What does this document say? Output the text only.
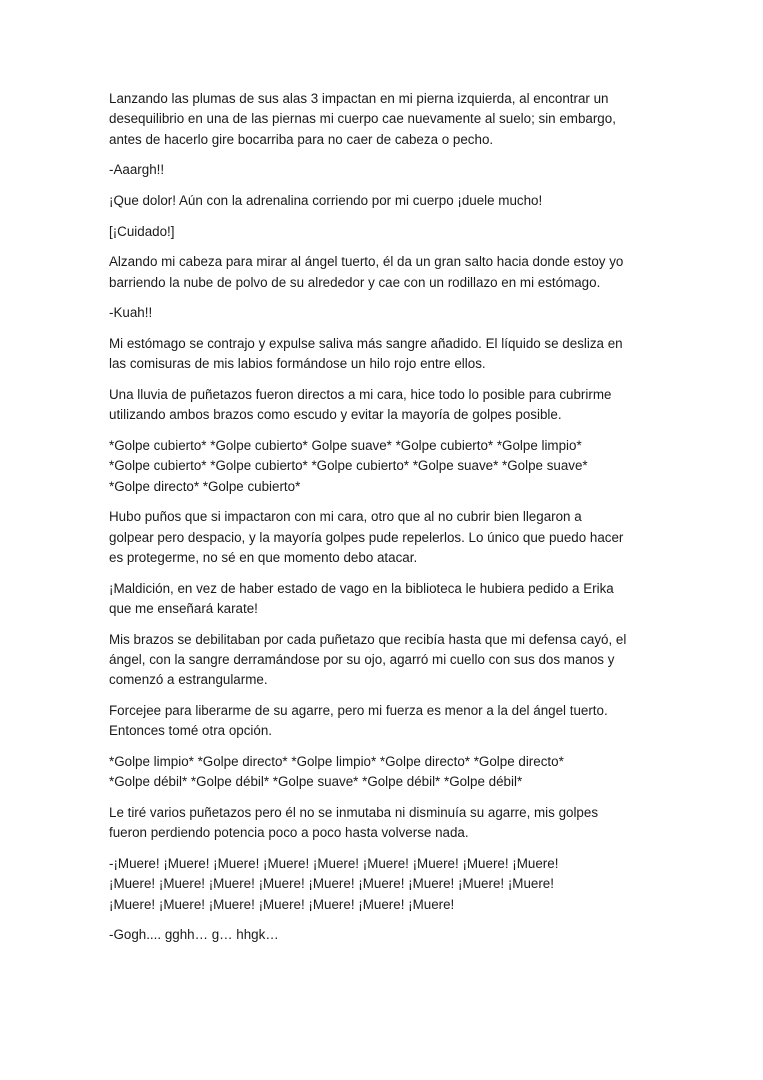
Lanzando las plumas de sus alas 3 impactan en mi pierna izquierda, al encontrar un
desequilibrio en una de las piernas mi cuerpo cae nuevamente al suelo; sin embargo,
antes de hacerlo gire bocarriba para no caer de cabeza o pecho.

-Aaargh!!

¡Que dolor! Aún con la adrenalina corriendo por mi cuerpo ¡duele mucho!

[¡Cuidado!]

Alzando mi cabeza para mirar al ángel tuerto, él da un gran salto hacia donde estoy yo
barriendo la nube de polvo de su alrededor y cae con un rodillazo en mi estómago.

-Kuah!!

Mi estómago se contrajo y expulse saliva más sangre añadido. El líquido se desliza en
las comisuras de mis labios formándose un hilo rojo entre ellos.

Una lluvia de puñetazos fueron directos a mi cara, hice todo lo posible para cubrirme
utilizando ambos brazos como escudo y evitar la mayoría de golpes posible.

*Golpe cubierto* *Golpe cubierto* Golpe suave* *Golpe cubierto* *Golpe limpio*
*Golpe cubierto* *Golpe cubierto* *Golpe cubierto* *Golpe suave* *Golpe suave*
*Golpe directo* *Golpe cubierto*

Hubo puños que si impactaron con mi cara, otro que al no cubrir bien llegaron a
golpear pero despacio, y la mayoría golpes pude repelerlos. Lo único que puedo hacer
es protegerme, no sé en que momento debo atacar.

¡Maldición, en vez de haber estado de vago en la biblioteca le hubiera pedido a Erika
que me enseñará karate!

Mis brazos se debilitaban por cada puñetazo que recibía hasta que mi defensa cayó, el
ángel, con la sangre derramándose por su ojo, agarró mi cuello con sus dos manos y
comenzó a estrangularme.

Forcejee para liberarme de su agarre, pero mi fuerza es menor a la del ángel tuerto.
Entonces tomé otra opción.

*Golpe limpio* *Golpe directo* *Golpe limpio* *Golpe directo* *Golpe directo*
*Golpe débil* *Golpe débil* *Golpe suave* *Golpe débil* *Golpe débil*

Le tiré varios puñetazos pero él no se inmutaba ni disminuía su agarre, mis golpes
fueron perdiendo potencia poco a poco hasta volverse nada.

-¡Muere! ¡Muere! ¡Muere! ¡Muere! ¡Muere! ¡Muere! ¡Muere! ¡Muere! ¡Muere!
¡Muere! ¡Muere! ¡Muere! ¡Muere! ¡Muere! ¡Muere! ¡Muere! ¡Muere! ¡Muere!
¡Muere! ¡Muere! ¡Muere! ¡Muere! ¡Muere! ¡Muere! ¡Muere!

-Gogh.... gghh… g… hhgk…
